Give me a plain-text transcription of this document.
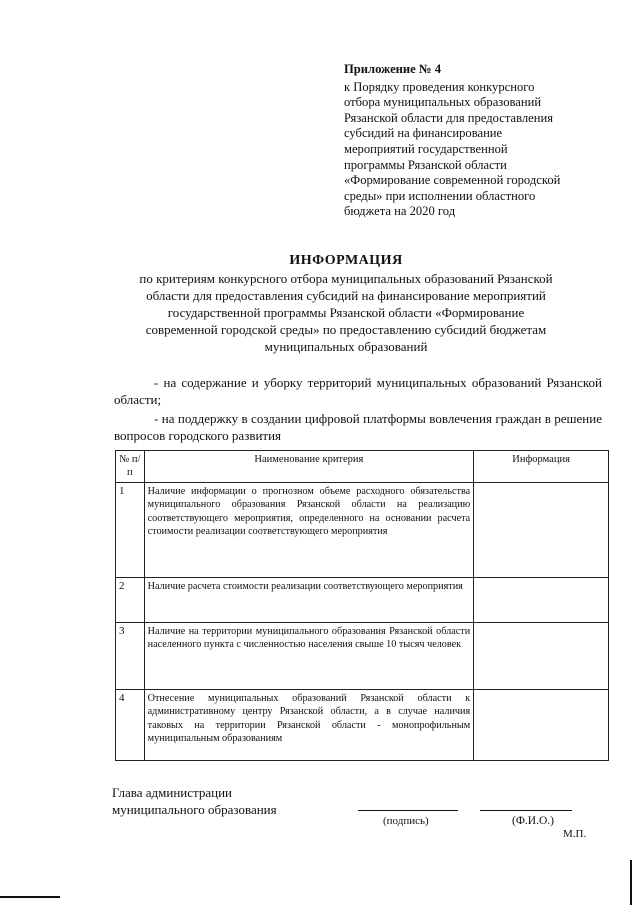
Приложение № 4
к Порядку проведения конкурсного
отбора муниципальных образований
Рязанской области для предоставления
субсидий на финансирование
мероприятий государственной
программы Рязанской области
«Формирование современной городской
среды» при исполнении областного
бюджета на 2020 год
ИНФОРМАЦИЯ
по критериям конкурсного отбора муниципальных образований Рязанской
области для предоставления субсидий на финансирование мероприятий
государственной программы Рязанской области «Формирование
современной городской среды» по предоставлению субсидий бюджетам
муниципальных образований

- на содержание и уборку территорий муниципальных образований Рязанской области;

- на поддержку в создании цифровой платформы вовлечения граждан в решение вопросов городского развития

№ п/п	Наименование критерия	Информация
1	Наличие информации о прогнозном объеме расходного обязательства муниципального образования Рязанской области на реализацию соответствующего мероприятия, определенного на основании расчета стоимости реализации соответствующего мероприятия	
2	Наличие расчета стоимости реализации соответствующего мероприятия	
3	Наличие на территории муниципального образования Рязанской области населенного пункта с численностью населения свыше 10 тысяч человек	
4	Отнесение муниципальных образований Рязанской области к административному центру Рязанской области, а в случае наличия таковых на территории Рязанской области - монопрофильным муниципальным образованиям	
Глава администрации
муниципального образования
(подпись)	(Ф.И.О.)
М.П.
